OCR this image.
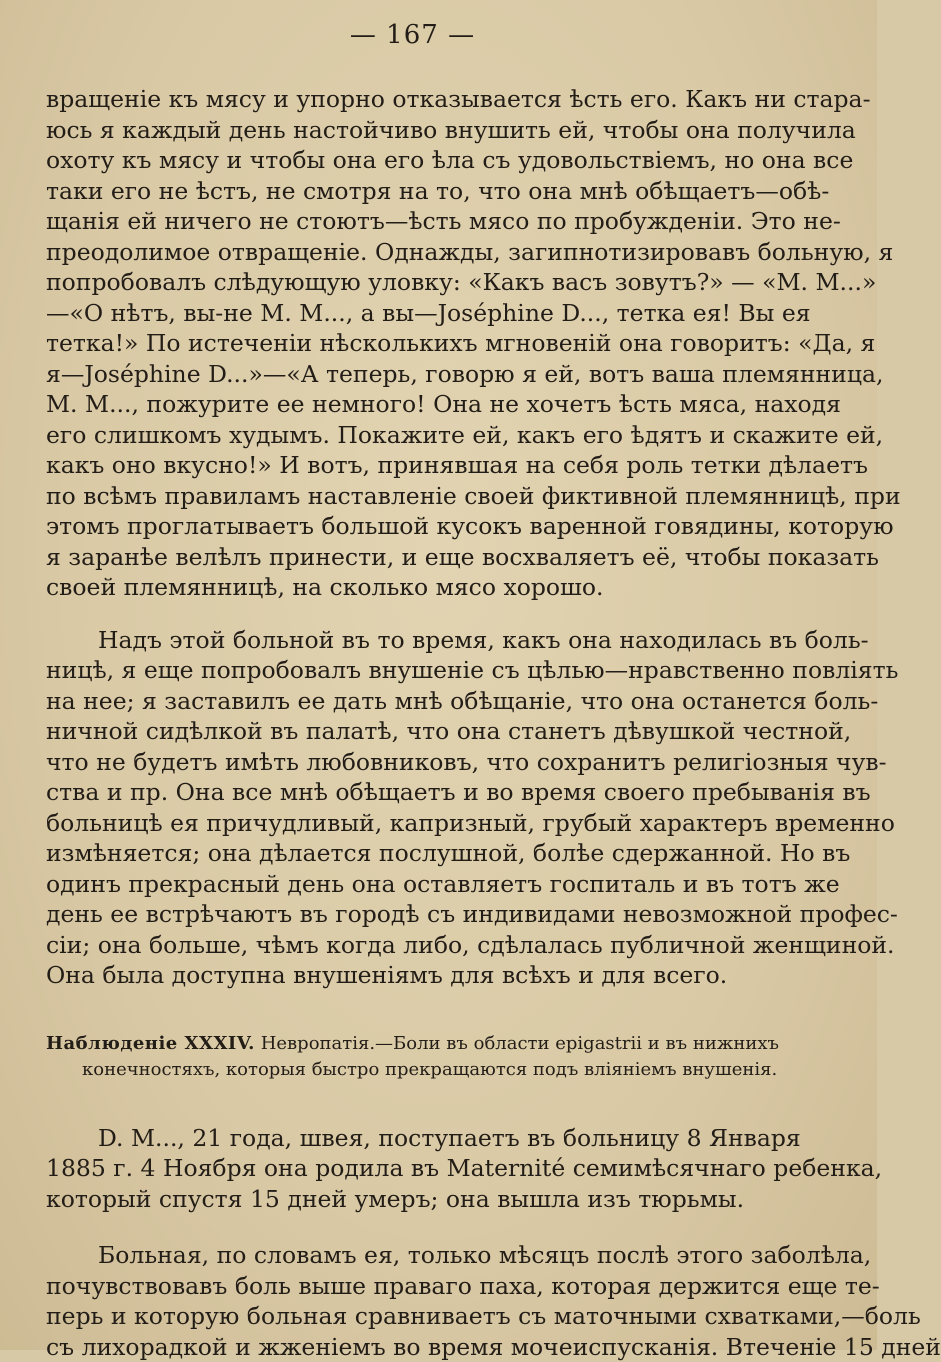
— 167 —
вращеніе къ мясу и упорно отказывается ѣсть его. Какъ ни стара-
юсь я каждый день настойчиво внушить ей, чтобы она получила
охоту къ мясу и чтобы она его ѣла съ удовольствіемъ, но она все
таки его не ѣстъ, не смотря на то, что она мнѣ обѣщаетъ—обѣ-
щанія ей ничего не стоютъ—ѣсть мясо по пробужденіи. Это не-
преодолимое отвращеніе. Однажды, загипнотизировавъ больную, я
попробовалъ слѣдующую уловку: «Какъ васъ зовутъ?» — «М. М...»
—«О нѣтъ, вы-не М. М..., а вы—Joséphine D..., тетка ея! Вы ея
тетка!» По истеченіи нѣсколькихъ мгновеній она говоритъ: «Да, я
я—Joséphine D...»—«А теперь, говорю я ей, вотъ ваша племянница,
М. М..., пожурите ее немного! Она не хочетъ ѣсть мяса, находя
его слишкомъ худымъ. Покажите ей, какъ его ѣдятъ и скажите ей,
какъ оно вкусно!» И вотъ, принявшая на себя роль тетки дѣлаетъ
по всѣмъ правиламъ наставленіе своей фиктивной племянницѣ, при
этомъ проглатываетъ большой кусокъ варенной говядины, которую
я заранѣе велѣлъ принести, и еще восхваляетъ её, чтобы показать
своей племянницѣ, на сколько мясо хорошо.
Надъ этой больной въ то время, какъ она находилась въ боль-
ницѣ, я еще попробовалъ внушеніе съ цѣлью—нравственно повліять
на нее; я заставилъ ее дать мнѣ обѣщаніе, что она останется боль-
ничной сидѣлкой въ палатѣ, что она станетъ дѣвушкой честной,
что не будетъ имѣть любовниковъ, что сохранитъ религіозныя чув-
ства и пр. Она все мнѣ обѣщаетъ и во время своего пребыванія въ
больницѣ ея причудливый, капризный, грубый характеръ временно
измѣняется; она дѣлается послушной, болѣе сдержанной. Но въ
одинъ прекрасный день она оставляетъ госпиталь и въ тотъ же
день ее встрѣчаютъ въ городѣ съ индивидами невозможной профес-
сіи; она больше, чѣмъ когда либо, сдѣлалась публичной женщиной.
Она была доступна внушеніямъ для всѣхъ и для всего.
Наблюденіе XXXIV. Невропатія.—Боли въ области epigastrii и въ нижнихъ
конечностяхъ, которыя быстро прекращаются подъ вліяніемъ внушенія.
D. M..., 21 года, швея, поступаетъ въ больницу 8 Января
1885 г. 4 Ноября она родила въ Maternité семимѣсячнаго ребенка,
который спустя 15 дней умеръ; она вышла изъ тюрьмы.
Больная, по словамъ ея, только мѣсяцъ послѣ этого заболѣла,
почувствовавъ боль выше праваго паха, которая держится еще те-
перь и которую больная сравниваетъ съ маточными схватками,—боль
съ лихорадкой и жженіемъ во время мочеиспусканія. Втеченіе 15 дней
